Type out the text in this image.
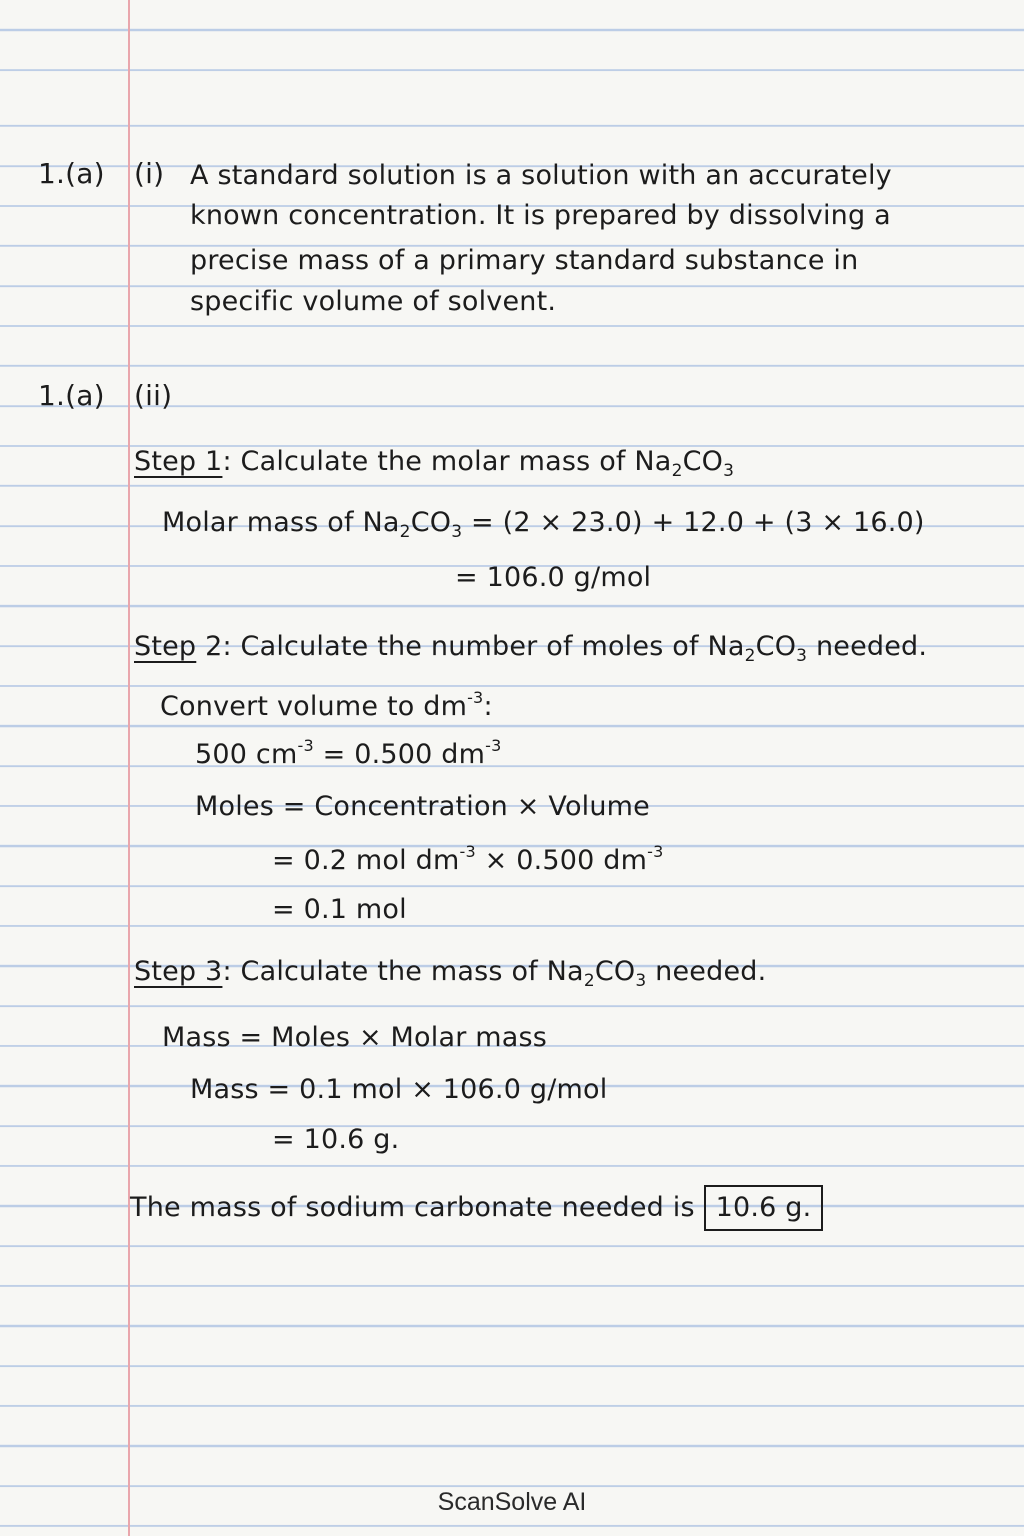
1.(a) (i) A standard solution is a solution with an accurately
known concentration. It is prepared by dissolving a
precise mass of a primary standard substance in
specific volume of solvent.
1.(a) (ii)
Step 1: Calculate the molar mass of $Na_2CO_3$
Molar mass of $Na_2CO_3 = (2 \times 23.0) + 12.0 + (3 \times 16.0)$
= 106.0 g/mol
Step 2: Calculate the number of moles of $Na_2CO_3$ needed.
Convert volume to $dm^{-3}$:
500 $cm^{-3} = 0.500$ $dm^{-3}$
Moles = Concentration × Volume
= 0.2 mol $dm^{-3} \times 0.500$ $dm^{-3}$
= 0.1 mol
Step 3: Calculate the mass of $Na_2CO_3$ needed.
Mass = Moles × Molar mass
Mass = 0.1 mol × 106.0 g/mol
= 10.6 g.
The mass of sodium carbonate needed is 10.6 g.
ScanSolve AI
